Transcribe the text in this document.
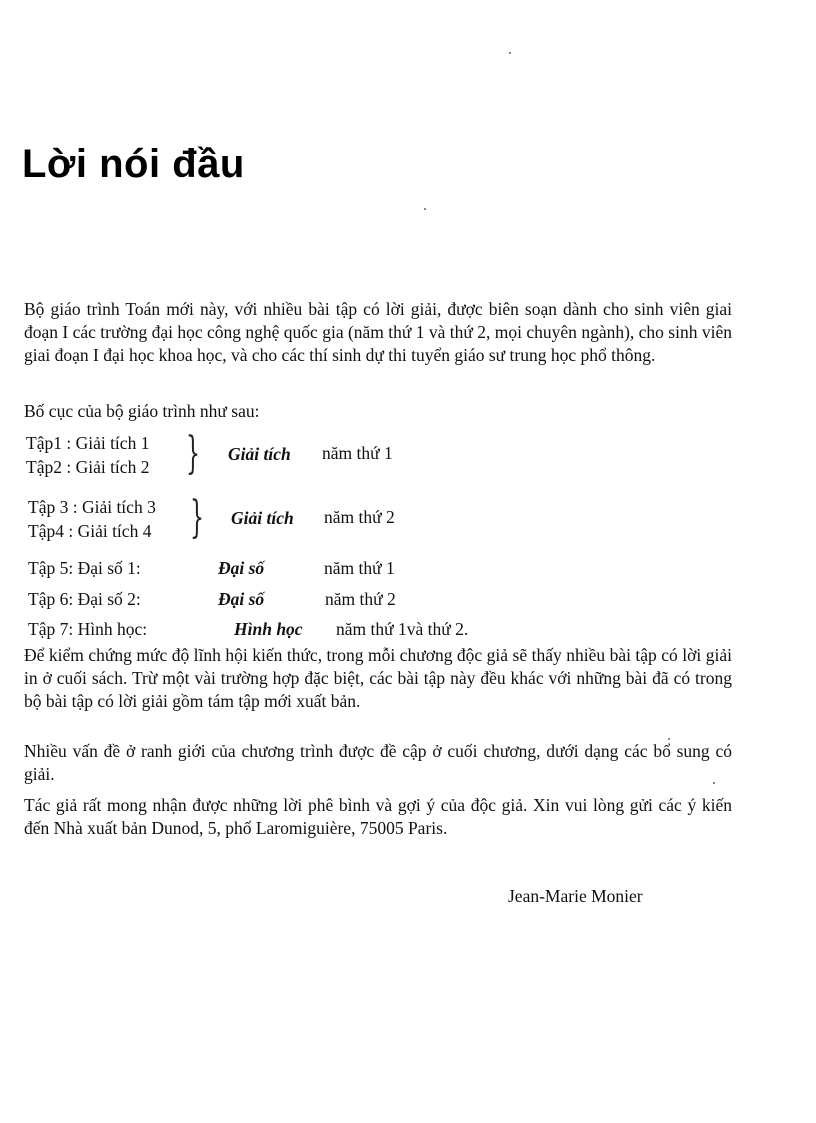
Lời nói đầu

Bộ giáo trình Toán mới này, với nhiều bài tập có lời giải, được biên soạn dành cho sinh viên giai đoạn I các trường đại học công nghệ quốc gia (năm thứ 1 và thứ 2, mọi chuyên ngành), cho sinh viên giai đoạn I đại học khoa học, và cho các thí sinh dự thi tuyển giáo sư trung học phổ thông.

Bố cục của bộ giáo trình như sau:

Tập1 : Giải tích 1
Tập2 : Giải tích 2 } Giải tích năm thứ 1
Tập 3 : Giải tích 3
Tập4 : Giải tích 4 } Giải tích năm thứ 2
Tập 5: Đại số 1:	Đại số	năm thứ 1
Tập 6: Đại số 2:	Đại số	năm thứ 2
Tập 7: Hình học:	Hình học năm thứ 1và thứ 2.

Để kiểm chứng mức độ lĩnh hội kiến thức, trong mỗi chương độc giả sẽ thấy nhiều bài tập có lời giải in ở cuối sách. Trừ một vài trường hợp đặc biệt, các bài tập này đều khác với những bài đã có trong bộ bài tập có lời giải gồm tám tập mới xuất bản.

Nhiều vấn đề ở ranh giới của chương trình được đề cập ở cuối chương, dưới dạng các bổ sung có giải.

Tác giả rất mong nhận được những lời phê bình và gợi ý của độc giả. Xin vui lòng gửi các ý kiến đến Nhà xuất bản Dunod, 5, phố Laromiguière, 75005 Paris.

Jean-Marie Monier
